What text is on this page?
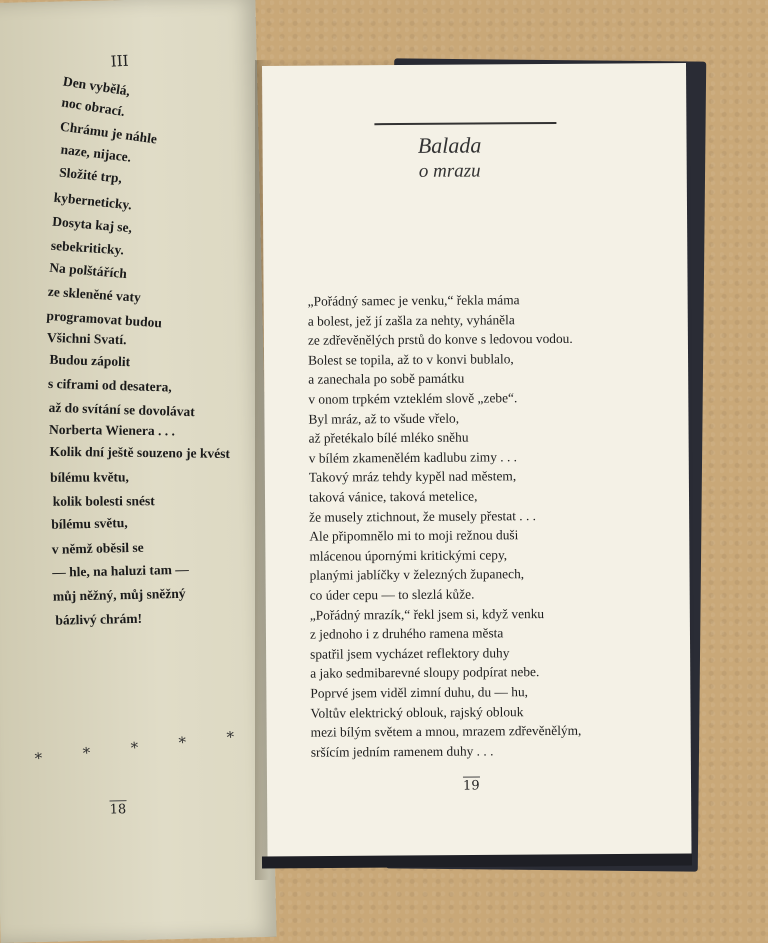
III
Den vybělá,
noc obrací.
Chrámu je náhle
naze, nijace.
Složité trp,
kyberneticky.
Dosyta kaj se,
sebekriticky.
Na polštářích
ze skleněné vaty
programovat budou
Všichni Svatí.
Budou zápolit
s ciframi od desatera,
až do svítání se dovolávat
Norberta Wienera . . .
Kolik dní ještě souzeno je kvést
bílému květu,
kolik bolesti snést
bílému světu,
v němž oběsil se
— hle, na haluzi tam —
můj něžný, můj sněžný
bázlivý chrám!
* * * * *
18
Balada
o mrazu
„Pořádný samec je venku,“ řekla máma
a bolest, jež jí zašla za nehty, vyháněla
ze zdřevěnělých prstů do konve s ledovou vodou.
Bolest se topila, až to v konvi bublalo,
a zanechala po sobě památku
v onom trpkém vzteklém slově „zebe“.
Byl mráz, až to všude vřelo,
až přetékalo bílé mléko sněhu
v bílém zkamenělém kadlubu zimy . . .
Takový mráz tehdy kypěl nad městem,
taková vánice, taková metelice,
že musely ztichnout, že musely přestat . . .
Ale připomnělo mi to moji režnou duši
mlácenou úpornými kritickými cepy,
planými jablíčky v železných županech,
co úder cepu — to slezlá kůže.
„Pořádný mrazík,“ řekl jsem si, když venku
z jednoho i z druhého ramena města
spatřil jsem vycházet reflektory duhy
a jako sedmibarevné sloupy podpírat nebe.
Poprvé jsem viděl zimní duhu, du — hu,
Voltův elektrický oblouk, rajský oblouk
mezi bílým světem a mnou, mrazem zdřevěnělým,
sršícím jedním ramenem duhy . . .
19
